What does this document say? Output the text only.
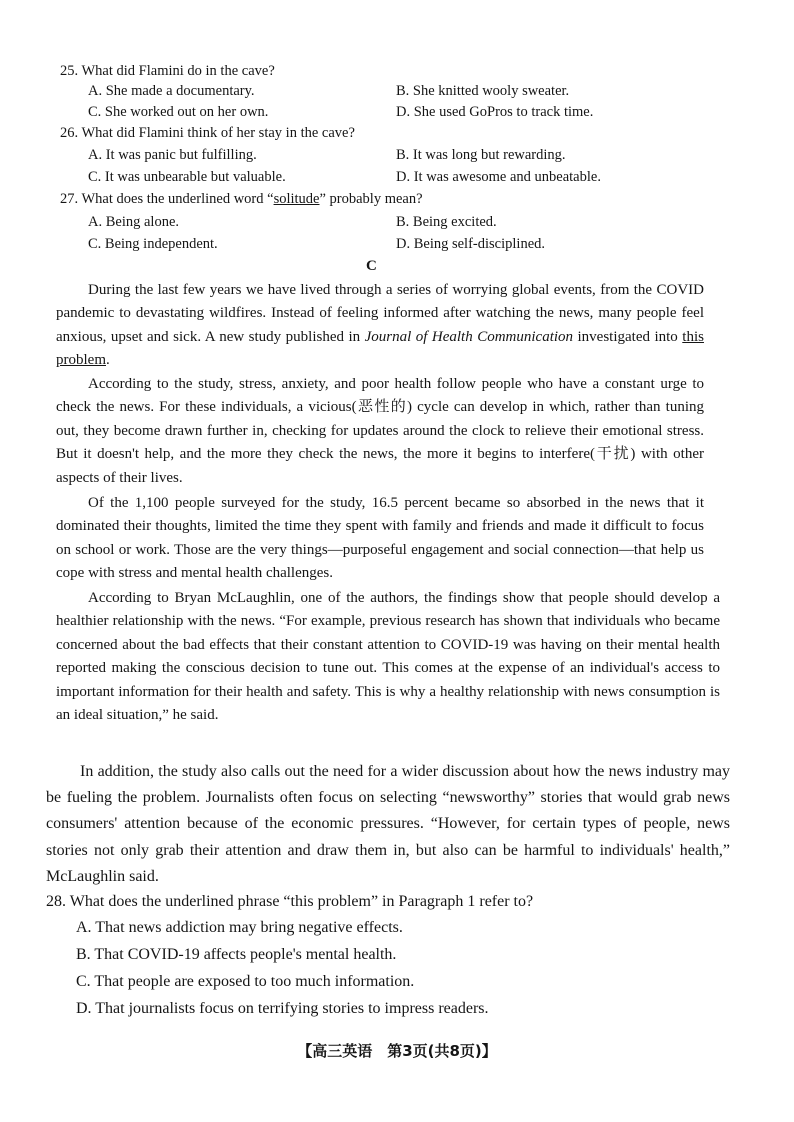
25. What did Flamini do in the cave?
A. She made a documentary.	B. She knitted wooly sweater.
C. She worked out on her own.	D. She used GoPros to track time.
26. What did Flamini think of her stay in the cave?
A. It was panic but fulfilling.	B. It was long but rewarding.
C. It was unbearable but valuable.	D. It was awesome and unbeatable.
27. What does the underlined word “solitude” probably mean?
A. Being alone.	B. Being excited.
C. Being independent.	D. Being self-disciplined.
C
During the last few years we have lived through a series of worrying global events, from the COVID pandemic to devastating wildfires. Instead of feeling informed after watching the news, many people feel anxious, upset and sick. A new study published in Journal of Health Communication investigated into this problem.
According to the study, stress, anxiety, and poor health follow people who have a constant urge to check the news. For these individuals, a vicious(恶性的) cycle can develop in which, rather than tuning out, they become drawn further in, checking for updates around the clock to relieve their emotional stress. But it doesn't help, and the more they check the news, the more it begins to interfere(干扰) with other aspects of their lives.
Of the 1,100 people surveyed for the study, 16.5 percent became so absorbed in the news that it dominated their thoughts, limited the time they spent with family and friends and made it difficult to focus on school or work. Those are the very things—purposeful engagement and social connection—that help us cope with stress and mental health challenges.
According to Bryan McLaughlin, one of the authors, the findings show that people should develop a healthier relationship with the news. “For example, previous research has shown that individuals who became concerned about the bad effects that their constant attention to COVID-19 was having on their mental health reported making the conscious decision to tune out. This comes at the expense of an individual's access to important information for their health and safety. This is why a healthy relationship with news consumption is an ideal situation,” he said.
In addition, the study also calls out the need for a wider discussion about how the news industry may be fueling the problem. Journalists often focus on selecting “newsworthy” stories that would grab news consumers' attention because of the economic pressures. “However, for certain types of people, news stories not only grab their attention and draw them in, but also can be harmful to individuals' health,” McLaughlin said.
28. What does the underlined phrase “this problem” in Paragraph 1 refer to?
A. That news addiction may bring negative effects.
B. That COVID-19 affects people's mental health.
C. That people are exposed to too much information.
D. That journalists focus on terrifying stories to impress readers.
【高三英语　第3页(共8页)】
